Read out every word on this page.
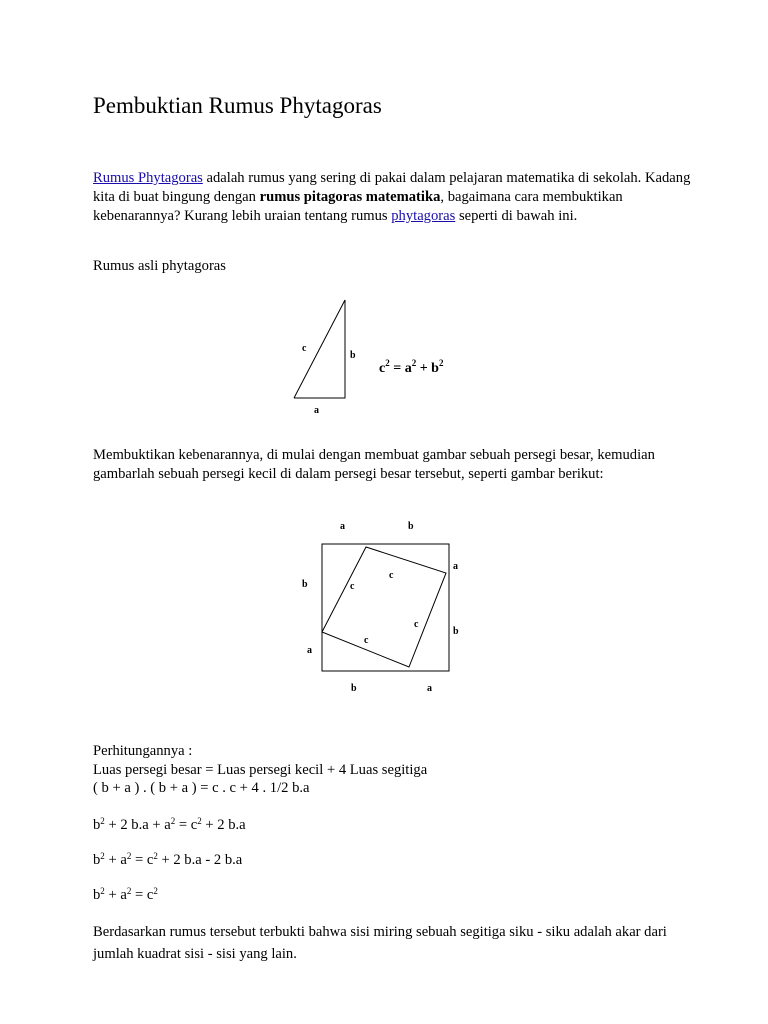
Pembuktian Rumus Phytagoras

Rumus Phytagoras adalah rumus yang sering di pakai dalam pelajaran matematika di sekolah. Kadang kita di buat bingung dengan rumus pitagoras matematika, bagaimana cara membuktikan kebenarannya? Kurang lebih uraian tentang rumus phytagoras seperti di bawah ini.

Rumus asli phytagoras

c
b
a
$c^2 = a^2 + b^2$

Membuktikan kebenarannya, di mulai dengan membuat gambar sebuah persegi besar, kemudian gambarlah sebuah persegi kecil di dalam persegi besar tersebut, seperti gambar berikut:

a	b
a
b
b	a
b
a
c
c
c
c

Perhitungannya :

Luas persegi besar = Luas persegi kecil + 4 Luas segitiga

( b + a ) . ( b + a ) = c . c + 4 . 1/2 b.a

$b^2 + 2$ $b.a + a^2 = c^2 + 2$ b.a

$b^2 + a^2 = c^2 + 2$ b.a - 2 b.a

$b^2 + a^2 = c^2$

Berdasarkan rumus tersebut terbukti bahwa sisi miring sebuah segitiga siku - siku adalah akar dari jumlah kuadrat sisi - sisi yang lain.
